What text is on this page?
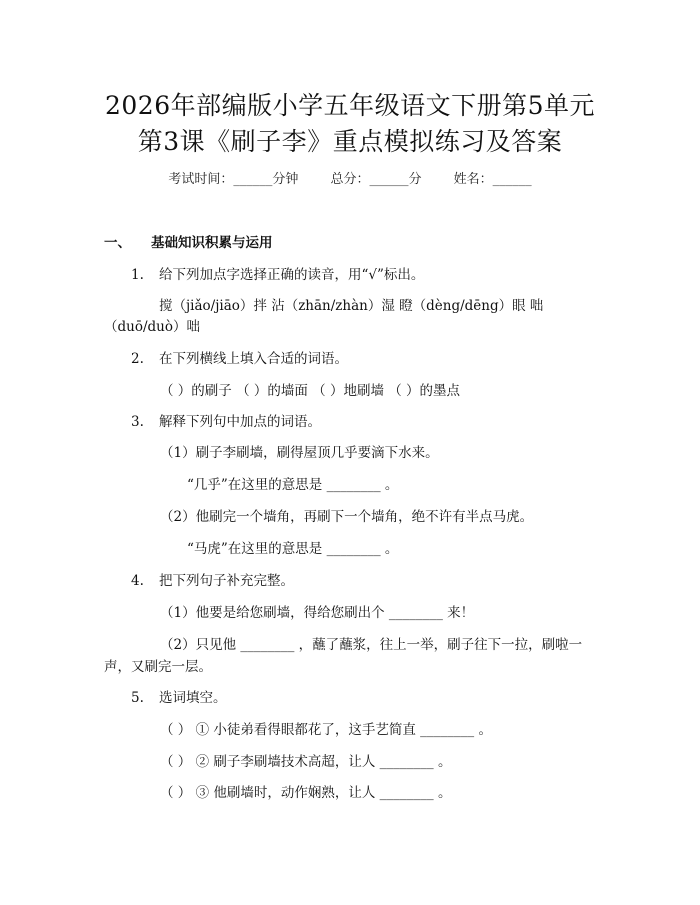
2026年部编版小学五年级语文下册第5单元
第3课《刷子李》重点模拟练习及答案
考试时间：______分钟 总分：______分 姓名：______
一、 基础知识积累与运用
1. 给下列加点字选择正确的读音，用“√”标出。
搅（jiǎo/jiāo）拌 沾（zhān/zhàn）湿 瞪（dèng/dēng）眼 咄
（duō/duò）咄
2. 在下列横线上填入合适的词语。
（ ）的刷子 （ ）的墙面 （ ）地刷墙 （ ）的墨点
3. 解释下列句中加点的词语。
（1）刷子李刷墙，刷得屋顶几乎要滴下水来。
“几乎”在这里的意思是 ________ 。
（2）他刷完一个墙角，再刷下一个墙角，绝不许有半点马虎。
“马虎”在这里的意思是 ________ 。
4. 把下列句子补充完整。
（1）他要是给您刷墙，得给您刷出个 ________ 来！
（2）只见他 ________ ，蘸了蘸浆，往上一举，刷子往下一拉，刷啦一
声，又刷完一层。
5. 选词填空。
（ ） ① 小徒弟看得眼都花了，这手艺简直 ________ 。
（ ） ② 刷子李刷墙技术高超，让人 ________ 。
（ ） ③ 他刷墙时，动作娴熟，让人 ________ 。
